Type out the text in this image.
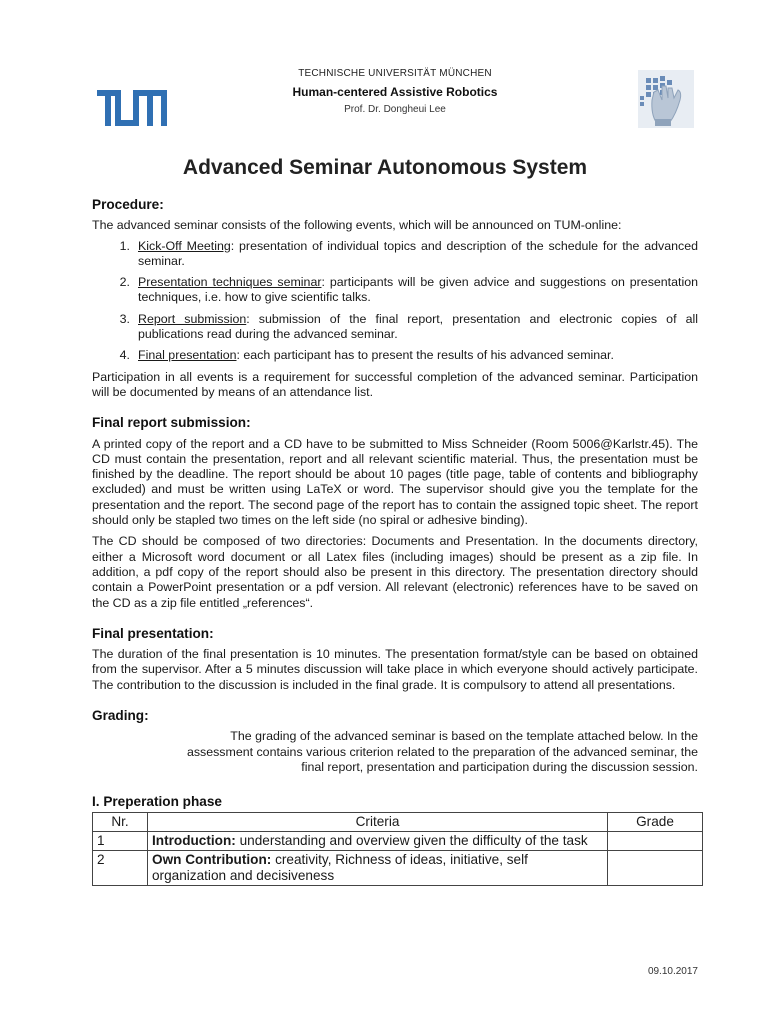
TECHNISCHE UNIVERSITÄT MÜNCHEN
Human-centered Assistive Robotics
Prof. Dr. Dongheui Lee
Advanced Seminar Autonomous System
Procedure:

The advanced seminar consists of the following events, which will be announced on TUM-online:

1. Kick-Off Meeting: presentation of individual topics and description of the schedule for the advanced seminar.
2. Presentation techniques seminar: participants will be given advice and suggestions on presentation techniques, i.e. how to give scientific talks.
3. Report submission: submission of the final report, presentation and electronic copies of all publications read during the advanced seminar.
4. Final presentation: each participant has to present the results of his advanced seminar.

Participation in all events is a requirement for successful completion of the advanced seminar. Participation will be documented by means of an attendance list.

Final report submission:

A printed copy of the report and a CD have to be submitted to Miss Schneider (Room 5006@Karlstr.45). The CD must contain the presentation, report and all relevant scientific material. Thus, the presentation must be finished by the deadline. The report should be about 10 pages (title page, table of contents and bibliography excluded) and must be written using LaTeX or word. The supervisor should give you the template for the presentation and the report. The second page of the report has to contain the assigned topic sheet. The report should only be stapled two times on the left side (no spiral or adhesive binding).

The CD should be composed of two directories: Documents and Presentation. In the documents directory, either a Microsoft word document or all Latex files (including images) should be present as a zip file. In addition, a pdf copy of the report should also be present in this directory. The presentation directory should contain a PowerPoint presentation or a pdf version. All relevant (electronic) references have to be saved on the CD as a zip file entitled „references“.

Final presentation:

The duration of the final presentation is 10 minutes. The presentation format/style can be based on obtained from the supervisor. After a 5 minutes discussion will take place in which everyone should actively participate. The contribution to the discussion is included in the final grade. It is compulsory to attend all presentations.

Grading:
The grading of the advanced seminar is based on the template attached below. In the
assessment contains various criterion related to the preparation of the advanced seminar, the
final report, presentation and participation during the discussion session.
I. Preperation phase
Nr.	Criteria	Grade
1	Introduction: understanding and overview given the difficulty of the task	
2	Own Contribution: creativity, Richness of ideas, initiative, self organization and decisiveness	
09.10.2017
